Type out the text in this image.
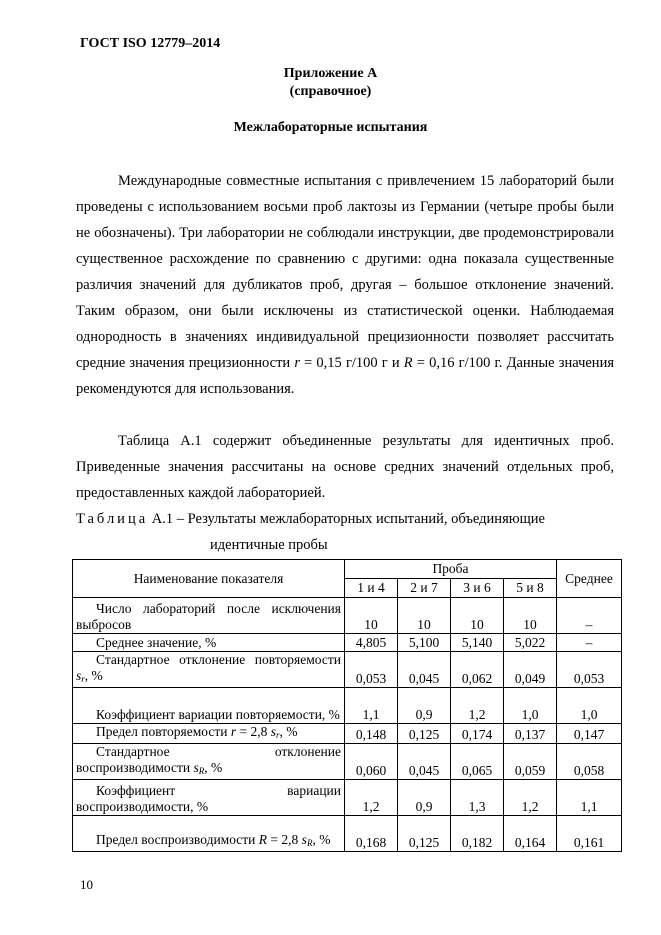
ГОСТ ISO 12779–2014
Приложение А
(справочное)
Межлабораторные испытания

Международные совместные испытания с привлечением 15 лабораторий были проведены с использованием восьми проб лактозы из Германии (четыре пробы были не обозначены). Три лаборатории не соблюдали инструкции, две продемонстрировали существенное расхождение по сравнению с другими: одна показала существенные различия значений для дубликатов проб, другая – большое отклонение значений. Таким образом, они были исключены из статистической оценки. Наблюдаемая однородность в значениях индивидуальной прецизионности позволяет рассчитать средние значения прецизионности r = 0,15 г/100 г и R = 0,16 г/100 г. Данные значения рекомендуются для использования.

Таблица А.1 содержит объединенные результаты для идентичных проб. Приведенные значения рассчитаны на основе средних значений отдельных проб, предоставленных каждой лабораторией.

Таблица А.1 – Результаты межлабораторных испытаний, объединяющие
идентичные пробы
Наименование показателя	Проба				Среднее
	1 и 4	2 и 7	3 и 6	5 и 8	
Число лабораторий после исключения выбросов	10	10	10	10	–
Среднее значение, %	4,805	5,100	5,140	5,022	–
Стандартное отклонение повторяемости $s_r$, %	0,053	0,045	0,062	0,049	0,053
Коэффициент вариации повторяемости, %	1,1	0,9	1,2	1,0	1,0
Предел повторяемости r = 2,8 $s_r$, %	0,148	0,125	0,174	0,137	0,147
Стандартное отклонение воспроизводимости $s_R$, %	0,060	0,045	0,065	0,059	0,058
Коэффициент вариации воспроизводимости, %	1,2	0,9	1,3	1,2	1,1
Предел воспроизводимости R = 2,8 $s_R$, %	0,168	0,125	0,182	0,164	0,161
10
